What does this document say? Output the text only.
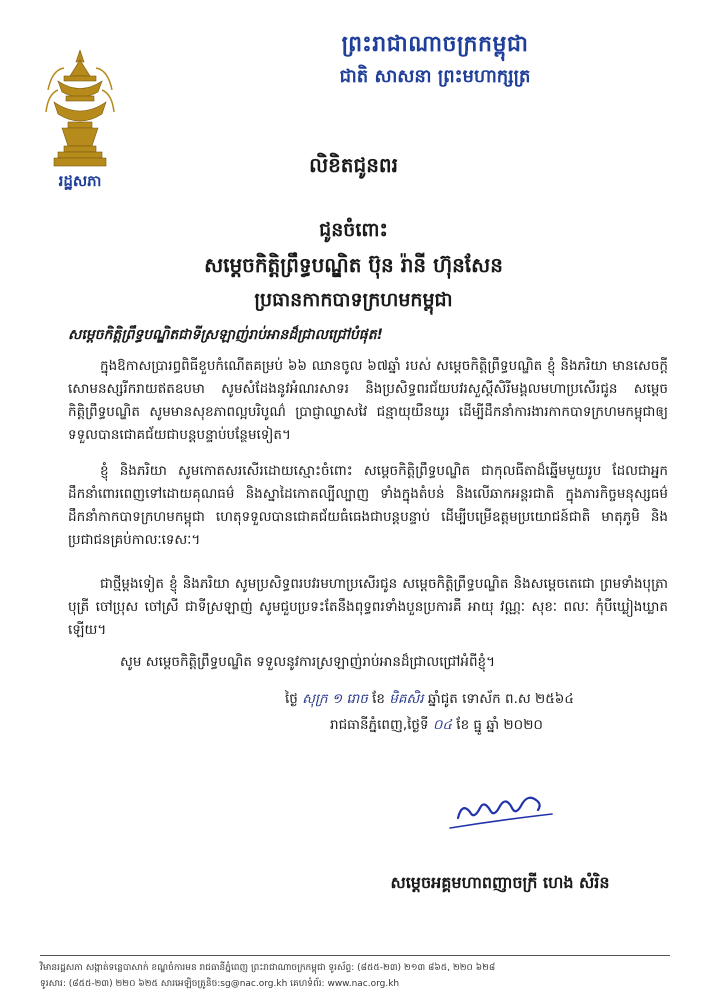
ព្រះរាជាណាចក្រកម្ពុជា
ជាតិ សាសនា ព្រះមហាក្សត្រ
រដ្ឋសភា
លិខិតជូនពរ
ជូនចំពោះ
សម្តេចកិត្តិព្រឹទ្ធបណ្ឌិត ប៊ុន រ៉ានី ហ៊ុនសែន
ប្រធានកាកបាទក្រហមកម្ពុជា
សម្តេចកិត្តិព្រឹទ្ធបណ្ឌិតជាទីស្រឡាញ់រាប់អានដ៏ជ្រាលជ្រៅបំផុត!
ក្នុងឱកាសប្រារព្ធពិធីខួបកំណើតគម្រប់ ៦៦ ឈានចូល ៦៧ឆ្នាំ របស់ សម្តេចកិត្តិព្រឹទ្ធបណ្ឌិត ខ្ញុំ និងភរិយា មានសេចក្តីសោមនស្សរីករាយឥតឧបមា សូមសំដែងនូវអំណរសាទរ និងប្រសិទ្ធពរជ័យបវរសួស្តីសិរីមង្គលមហាប្រសើរជូន សម្តេចកិត្តិព្រឹទ្ធបណ្ឌិត សូមមានសុខភាពល្អបរិបូណ៌ ប្រាជ្ញាឈ្លាសវៃ ជន្មាយុយឺនយូរ ដើម្បីដឹកនាំការងារកាកបាទក្រហមកម្ពុជាឲ្យទទួលបានជោគជ័យជាបន្តបន្ទាប់បន្ថែមទៀត។
ខ្ញុំ និងភរិយា សូមកោតសរសើរដោយស្មោះចំពោះ សម្តេចកិត្តិព្រឹទ្ធបណ្ឌិត ជាកុលធីតាដ៏ឆ្នើមមួយរូប ដែលជាអ្នកដឹកនាំពោរពេញទៅដោយគុណធម៌ និងស្នាដៃកោតល្បីល្បាញ ទាំងក្នុងតំបន់ និងលើឆាកអន្តរជាតិ ក្នុងភារកិច្ចមនុស្សធម៌ដឹកនាំកាកបាទក្រហមកម្ពុជា ហេតុទទួលបានជោគជ័យធំធេងជាបន្តបន្ទាប់ ដើម្បីបម្រើឧត្តមប្រយោជន៍ជាតិ មាតុភូមិ និងប្រជាជនគ្រប់កាលៈទេសៈ។
ជាថ្មីម្តងទៀត ខ្ញុំ និងភរិយា សូមប្រសិទ្ធពរបវរមហាប្រសើរជូន សម្តេចកិត្តិព្រឹទ្ធបណ្ឌិត និងសម្តេចតេជោ ព្រមទាំងបុត្រា បុត្រី ចៅប្រុស ចៅស្រី ជាទីស្រឡាញ់ សូមជួបប្រទះតែនឹងពុទ្ធពរទាំងបួនប្រការគឺ អាយុ វណ្ណៈ សុខៈ ពលៈ កុំបីឃ្លៀងឃ្លាតឡើយ។
សូម សម្តេចកិត្តិព្រឹទ្ធបណ្ឌិត ទទួលនូវការស្រឡាញ់រាប់អានដ៏ជ្រាលជ្រៅអំពីខ្ញុំ។
ថ្ងៃ សុក្រ ១ រោច ខែ មិគសិរ ឆ្នាំជូត ទោស័ក ព.ស ២៥៦៤
រាជធានីភ្នំពេញ,ថ្ងៃទី ០៤ ខែ ធ្នូ ឆ្នាំ ២០២០
សម្តេចអគ្គមហាពញាចក្រី ហេង សំរិន
វិមានរដ្ឋសភា សង្កាត់ទន្លេបាសាក់ ខណ្ឌចំការមន រាជធានីភ្នំពេញ ព្រះរាជាណាចក្រកម្ពុជា ទូរស័ព្ទ: (៨៥៥-២៣) ២១៣ ៨៦៥, ២២០ ៦២៨
ទូរសារ: (៨៥៥-២៣) ២២០ ៦២៥ សារអេឡិចត្រូនិច:sg@nac.org.kh គេហទំព័រ: www.nac.org.kh
